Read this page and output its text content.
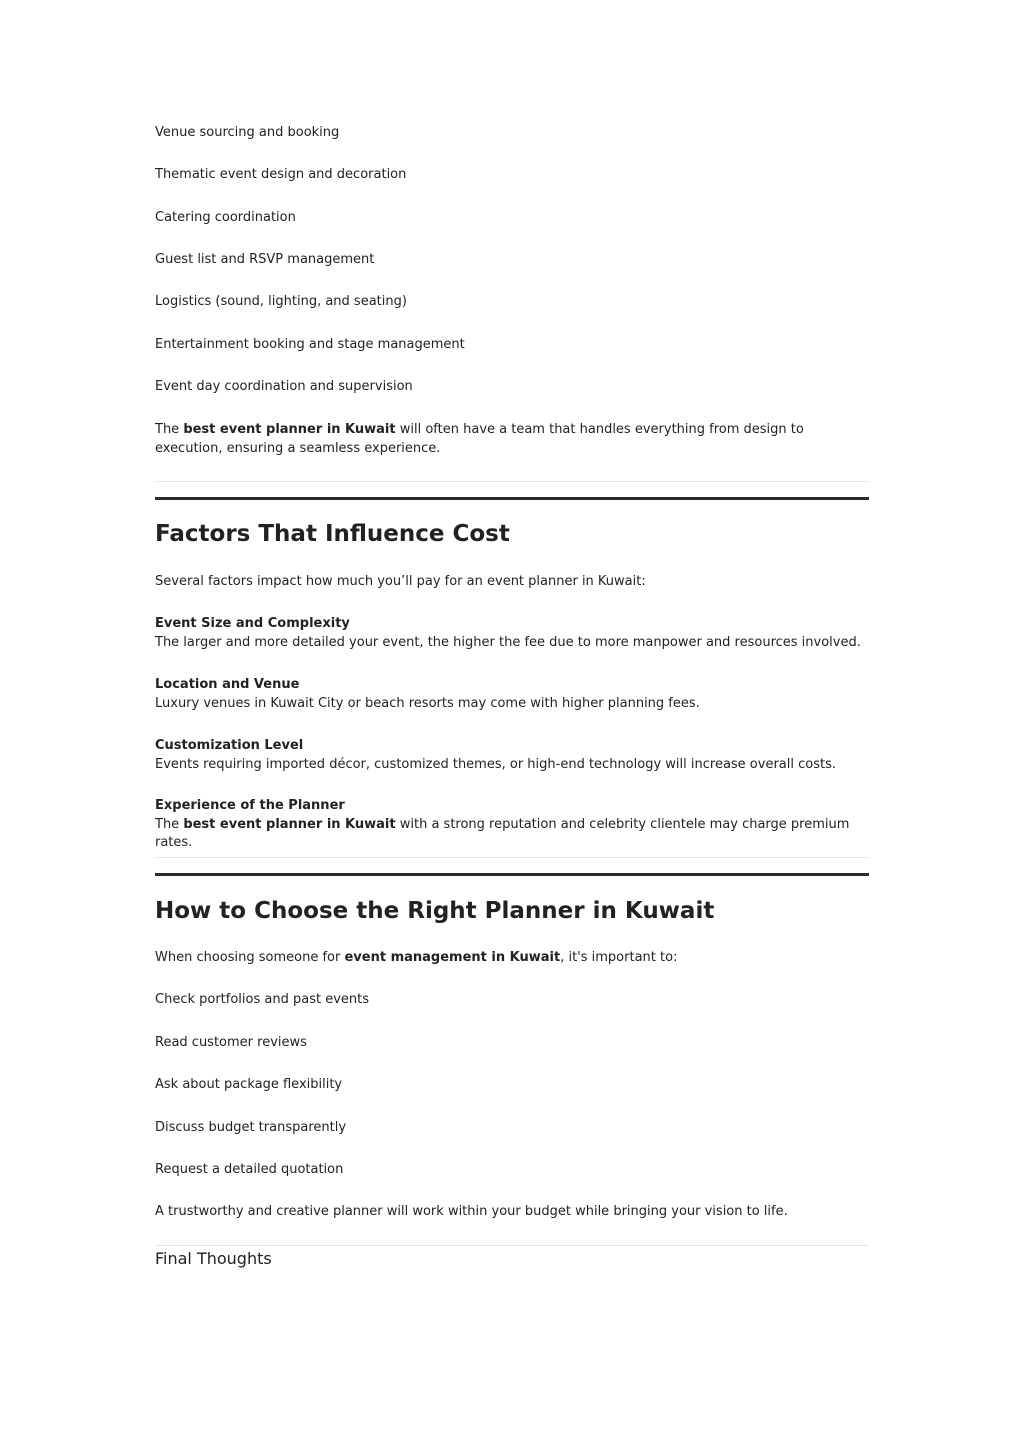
Venue sourcing and booking

Thematic event design and decoration

Catering coordination

Guest list and RSVP management

Logistics (sound, lighting, and seating)

Entertainment booking and stage management

Event day coordination and supervision

The best event planner in Kuwait will often have a team that handles everything from design to execution, ensuring a seamless experience.

Factors That Influence Cost

Several factors impact how much you’ll pay for an event planner in Kuwait:

Event Size and Complexity
The larger and more detailed your event, the higher the fee due to more manpower and resources involved.

Location and Venue
Luxury venues in Kuwait City or beach resorts may come with higher planning fees.

Customization Level
Events requiring imported décor, customized themes, or high-end technology will increase overall costs.

Experience of the Planner
The best event planner in Kuwait with a strong reputation and celebrity clientele may charge premium rates.

How to Choose the Right Planner in Kuwait

When choosing someone for event management in Kuwait, it's important to:

Check portfolios and past events

Read customer reviews

Ask about package flexibility

Discuss budget transparently

Request a detailed quotation

A trustworthy and creative planner will work within your budget while bringing your vision to life.

Final Thoughts
